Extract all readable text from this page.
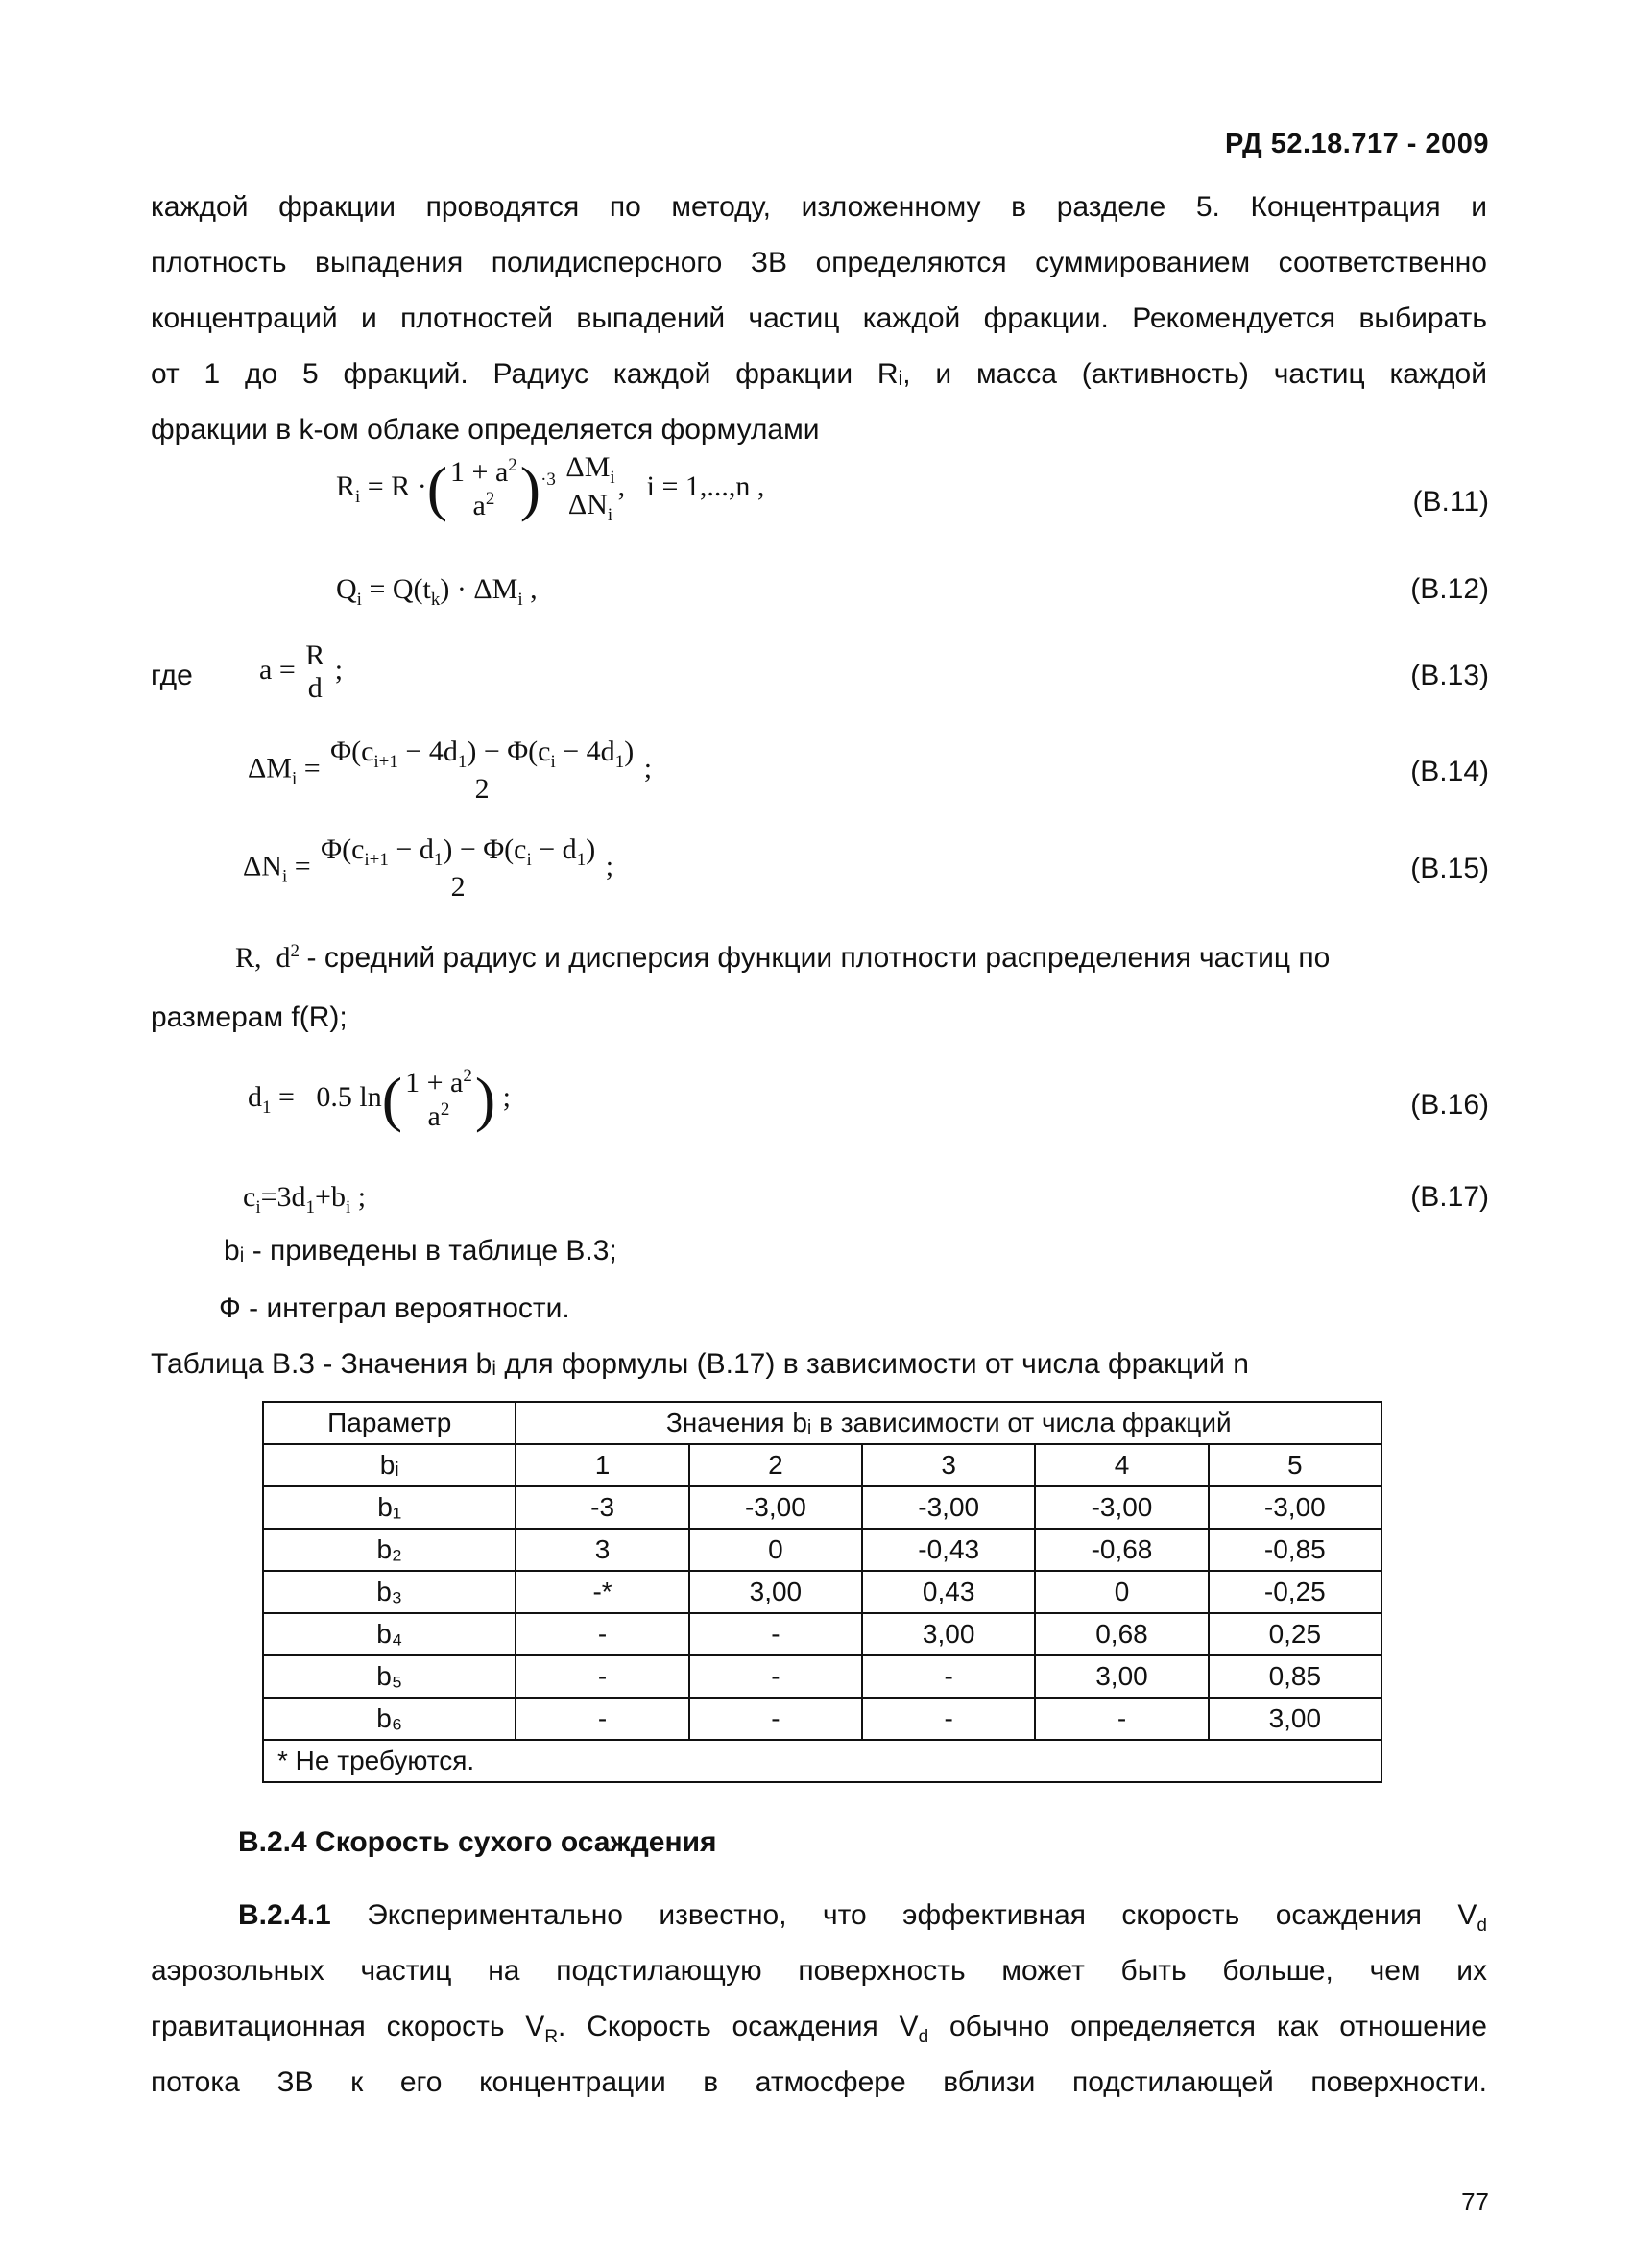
РД 52.18.717 - 2009
каждой фракции проводятся по методу, изложенному в разделе 5. Концентрация и
плотность выпадения полидисперсного ЗВ определяются суммированием соответственно
концентраций и плотностей выпадений частиц каждой фракции. Рекомендуется выбирать
от 1 до 5 фракций. Радиус каждой фракции Rᵢ, и масса (активность) частиц каждой
фракции в k-ом облаке определяется формулами
$R_i = R$ ·( $1 + a^2$
$a^2$ )$^{\cdot 3}$ $\Delta M_i$
$\Delta N_i$
,   i = 1,...,n ,	(В.11)
$Q_i = Q(t_k) \cdot \Delta M_i$ ,	(В.12)
где a = R
d
;	(В.13)
$\Delta M_i$ =
$\Phi(c_{i+1} - 4d_1) - \Phi(c_i - 4d_1)$
2
;	(В.14)
$\Delta N_i$ =
$\Phi(c_{i+1} - d_1) - \Phi(c_i - d_1)$
2
;	(В.15)
R,  $d^2$ - средний радиус и дисперсия функции плотности распределения частиц по
размерам f(R);
$d_1 = 0.5$ ln( $1 + a^2$
$a^2$ ) ;	(В.16)
$c_i=3d_1+b_i$ ;	(В.17)
bᵢ - приведены в таблице В.3;
Ф - интеграл вероятности.
Таблица В.3 - Значения bᵢ для формулы (В.17) в зависимости от числа фракций n
Параметр	Значения bᵢ в зависимости от числа фракций				
bᵢ	1	2	3	4	5
b₁	-3	-3,00	-3,00	-3,00	-3,00
b₂	3	0	-0,43	-0,68	-0,85
b₃	-*	3,00	0,43	0	-0,25
b₄	-	-	3,00	0,68	0,25
b₅	-	-	-	3,00	0,85
b₆	-	-	-	-	3,00
* Не требуются.					
В.2.4 Скорость сухого осаждения
В.2.4.1 Экспериментально известно, что эффективная скорость осаждения $V_d$
аэрозольных частиц на подстилающую поверхность может быть больше, чем их
гравитационная скорость $V_R$. Скорость осаждения $V_d$ обычно определяется как отношение
потока ЗВ к его концентрации в атмосфере вблизи подстилающей поверхности.
77
